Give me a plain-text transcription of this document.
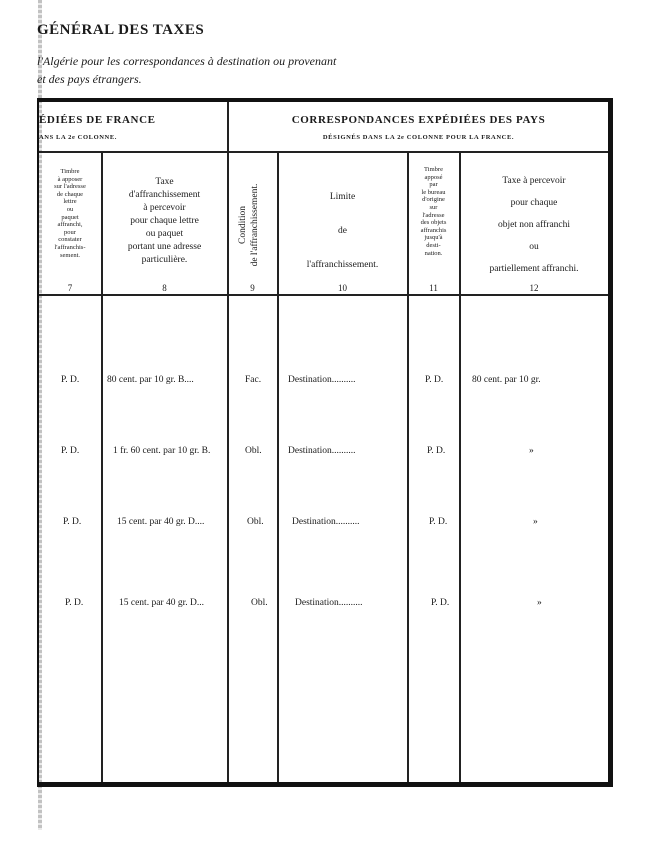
GÉNÉRAL DES TAXES
l'Algérie pour les correspondances à destination ou provenant
et des pays étrangers.
ÉDIÉES DE FRANCE
ANS LA 2e COLONNE.
CORRESPONDANCES EXPÉDIÉES DES PAYS
DÉSIGNÉS DANS LA 2e COLONNE POUR LA FRANCE.
Timbre
à apposer
sur l'adresse
de chaque
lettre
ou
paquet
affranchi,
pour
constater
l'affranchis-
sement.
Taxe
d'affranchissement
à percevoir
pour chaque lettre
ou paquet
portant une adresse
particulière.
Condition de l'affranchissement.	Limite
de
l'affranchissement.
Timbre
apposé
par
le bureau
d'origine
sur
l'adresse
des objets
affranchis
jusqu'à
desti-
nation.
Taxe à percevoir
pour chaque
objet non affranchi
ou
partiellement affranchi.
7	8	9	10	11	12
P. D.	80 cent. par 10 gr. B....	Fac.	Destination..........	P. D.	80 cent. par 10 gr.
P. D.	1 fr. 60 cent. par 10 gr. B.	Obl.	Destination..........	P. D.	»
P. D.	15 cent. par 40 gr. D....	Obl.	Destination..........	P. D.	»
P. D.	15 cent. par 40 gr. D...	Obl.	Destination..........	P. D.	»
